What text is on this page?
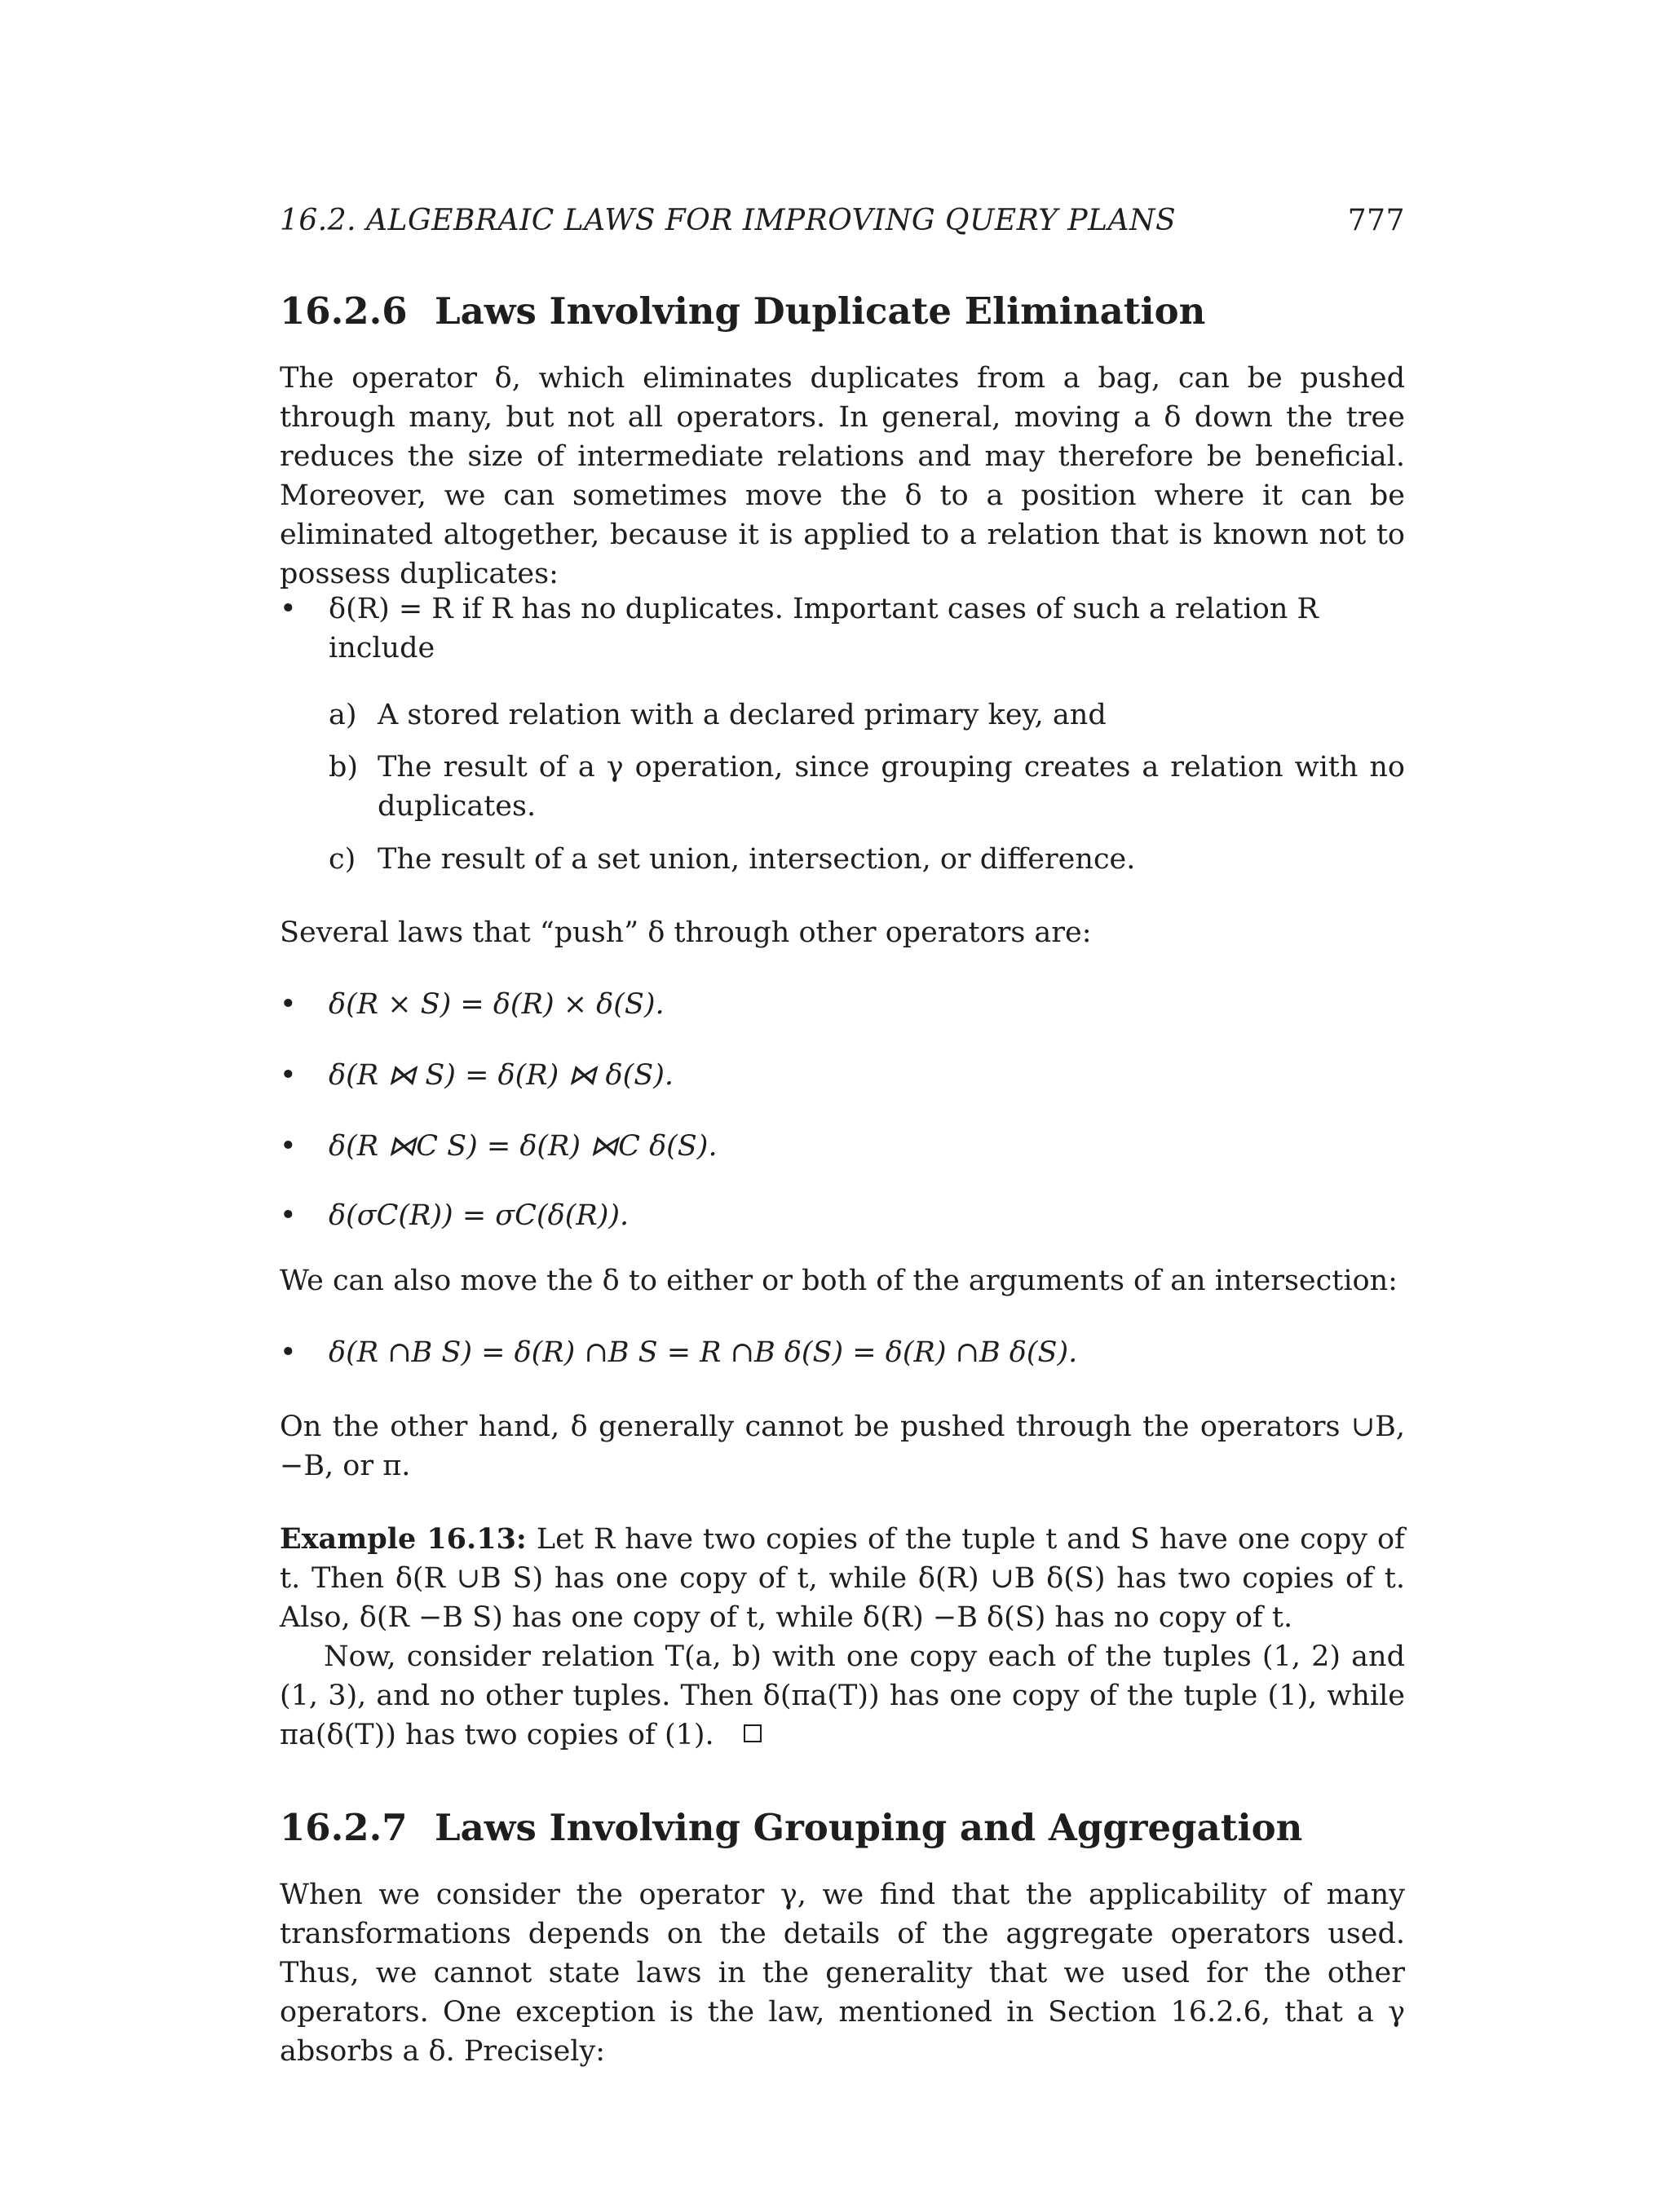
16.2. ALGEBRAIC LAWS FOR IMPROVING QUERY PLANS	777
16.2.6 Laws Involving Duplicate Elimination
The operator δ, which eliminates duplicates from a bag, can be pushed through many, but not all operators. In general, moving a δ down the tree reduces the size of intermediate relations and may therefore be beneficial. Moreover, we can sometimes move the δ to a position where it can be eliminated altogether, because it is applied to a relation that is known not to possess duplicates:
• δ(R) = R if R has no duplicates. Important cases of such a relation R include
a) A stored relation with a declared primary key, and
b) The result of a γ operation, since grouping creates a relation with no duplicates.
c) The result of a set union, intersection, or difference.
Several laws that “push” δ through other operators are:
• δ(R × S) = δ(R) × δ(S).
• δ(R ⋈ S) = δ(R) ⋈ δ(S).
• δ(R ⋈C S) = δ(R) ⋈C δ(S).
• δ(σC(R)) = σC(δ(R)).
We can also move the δ to either or both of the arguments of an intersection:
• δ(R ∩B S) = δ(R) ∩B S = R ∩B δ(S) = δ(R) ∩B δ(S).
On the other hand, δ generally cannot be pushed through the operators ∪B, −B, or π.
Example 16.13: Let R have two copies of the tuple t and S have one copy of t. Then δ(R ∪B S) has one copy of t, while δ(R) ∪B δ(S) has two copies of t. Also, δ(R −B S) has one copy of t, while δ(R) −B δ(S) has no copy of t.
Now, consider relation T(a, b) with one copy each of the tuples (1, 2) and (1, 3), and no other tuples. Then δ(πa(T)) has one copy of the tuple (1), while πa(δ(T)) has two copies of (1).
16.2.7 Laws Involving Grouping and Aggregation
When we consider the operator γ, we find that the applicability of many transformations depends on the details of the aggregate operators used. Thus, we cannot state laws in the generality that we used for the other operators. One exception is the law, mentioned in Section 16.2.6, that a γ absorbs a δ. Precisely:
